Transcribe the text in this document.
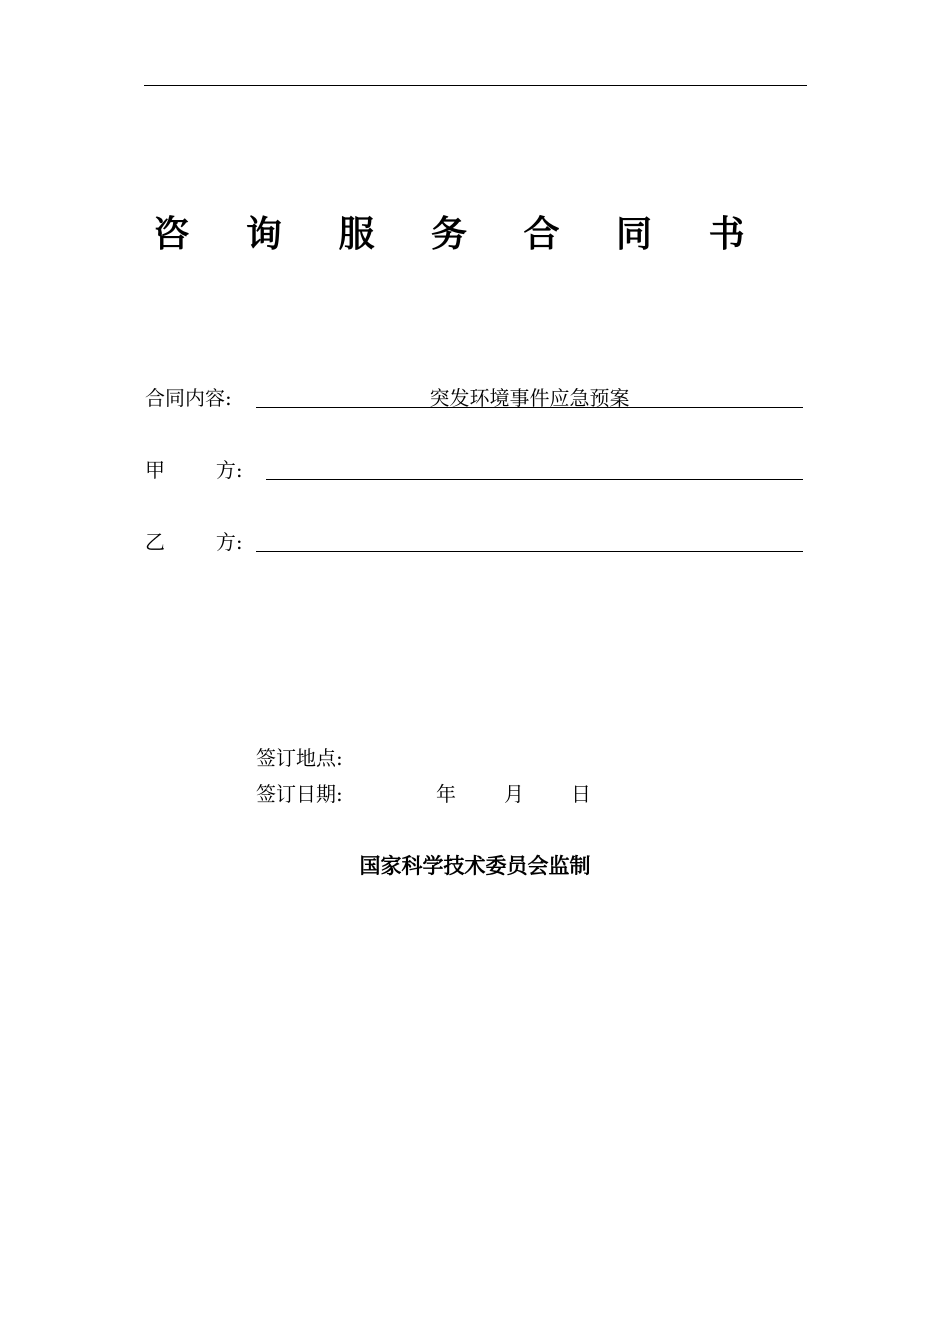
咨 询 服 务 合 同 书
合同内容:	突发环境事件应急预案
甲        方:
乙        方:
签订地点:
签订日期:	年 月 日
国家科学技术委员会监制
